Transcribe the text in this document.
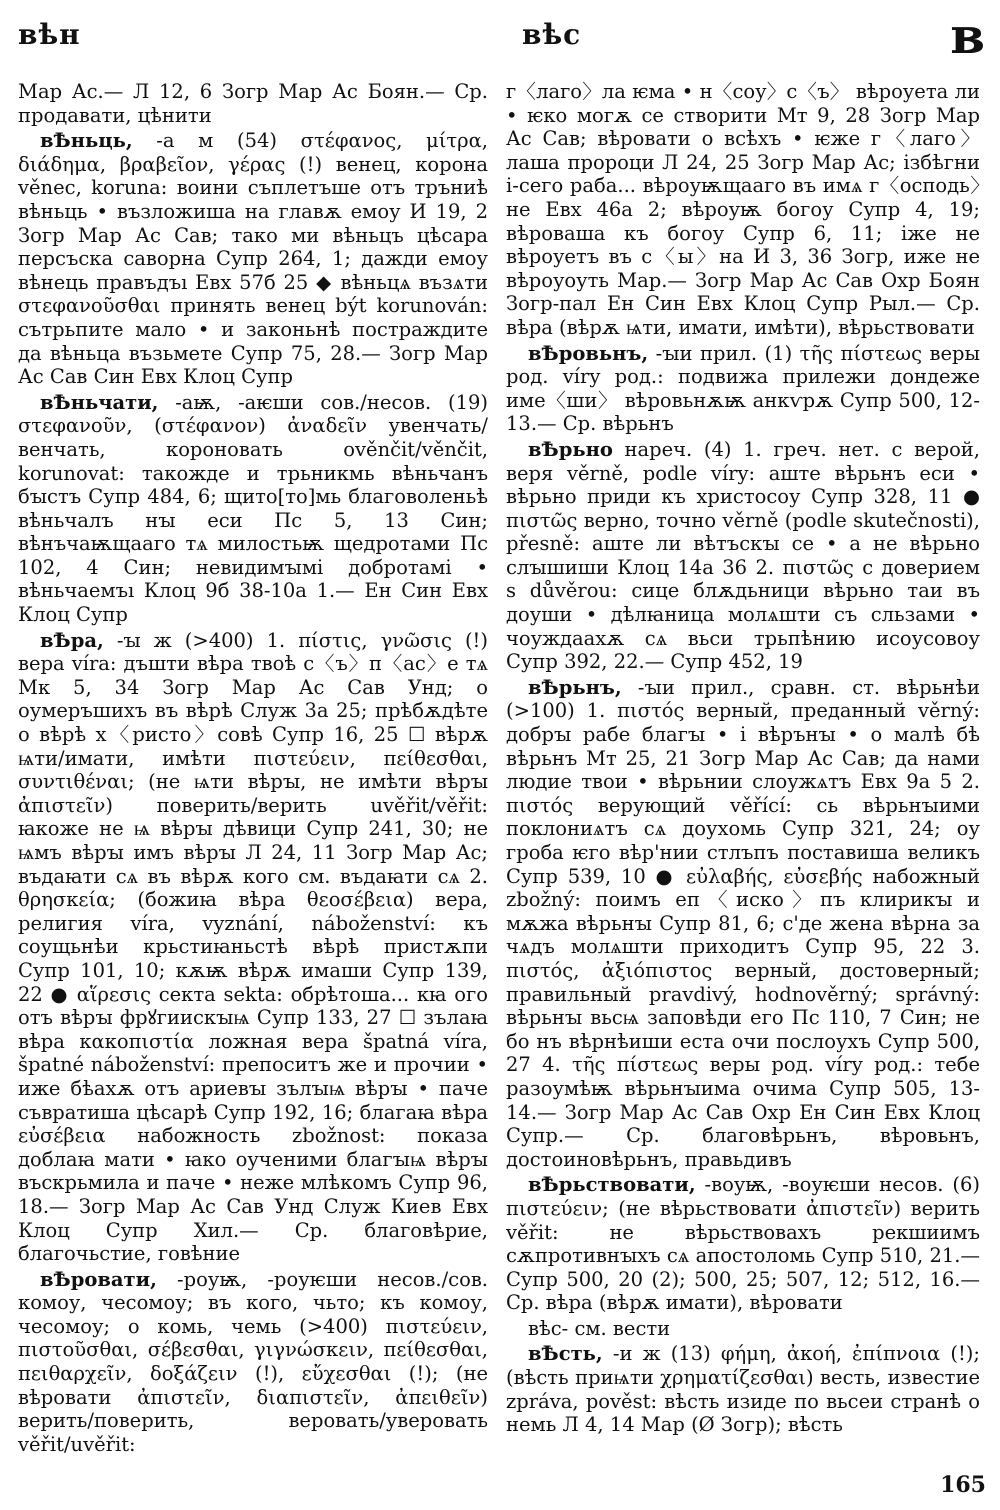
вѣн	вѣс	в

Мар Ас.— Л 12, 6 Зогр Мар Ас Боян.— Ср. продавати, цѣнити

вѢньць, -а м (54) στέφανος, μίτρα, διάδημα, βραβεῖον, γέρας (!) венец, корона věnec, koruna: воини съплетъше отъ тръниѣ вѣньць • възложиша на главѫ емоу И 19, 2 Зогр Мар Ас Сав; тако ми вѣньцъ цѣсара персъска саворна Супр 264, 1; дажди емоу вѣнець правъдъı Евх 57б 25 ◆ вѣньцѧ възѧти στεφανοῦσθαι принять венец být korunován: сътрьпите мало • и законьнѣ постраждите да вѣньца възьмете Супр 75, 28.— Зогр Мар Ас Сав Син Евх Клоц Супр

вѢньчати, -аѭ, -аѥши сов./несов. (19) στεφανοῦν, (στέφανον) ἀναδεῖν увенчать/венчать, короновать ověnčit/věnčit, korunovat: такожде и трьникмь вѣньчанъ бꙑстъ Супр 484, 6; щито[то]мь благоволеньѣ вѣньчалъ нꙑ еси Пс 5, 13 Син; вѣнъчаѭщааго тѧ милостьѭ щедротами Пс 102, 4 Син; невидимꙑмі добротамі • вѣньчаемъı Клоц 9б 38-10а 1.— Ен Син Евх Клоц Супр

вѢра, -ꙑ ж (>400) 1. πίστις, γνῶσις (!) вера víra: дъшти вѣра твоѣ с〈ъ〉п〈ас〉е тѧ Мк 5, 34 Зогр Мар Ас Сав Унд; о оумеръшихъ въ вѣрѣ Служ 3а 25; прѣбѫдѣте о вѣрѣ х〈ристо〉совѣ Супр 16, 25 ☐ вѣрѫ ѩти/имати, имѣти πιστεύειν, πείθεσθαι, συντιθέναι; (не ѩти вѣрꙑ, не имѣти вѣрꙑ ἀπιστεῖν) поверить/верить uvěřit/věřit: ꙗкоже не ѩ вѣрꙑ дѣвици Супр 241, 30; не ѩмъ вѣрꙑ имъ вѣрꙑ Л 24, 11 Зогр Мар Ас; въдаꙗти сѧ въ вѣрѫ кого см. въдаꙗти сѧ 2. θρησκεία; (божиꙗ вѣра θεοσέβεια) вера, религия víra, vyznání, náboženství: къ соущьнѣи крьстиꙗньстѣ вѣрѣ пристѫпи Супр 101, 10; кѫѭ вѣрѫ имаши Супр 139, 22 ● αἵρεσις секта sekta: обрѣтоша... кꙗ ого отъ вѣрꙑ фрꙋгиискꙑѩ Супр 133, 27 ☐ зълаꙗ вѣра κακοπιστία ложная вера špatná víra, špatné náboženství: препоситъ же и прочии • иже бѣахѫ отъ ариевꙑ зълꙑѩ вѣрꙑ • паче съвратиша цѣсарѣ Супр 192, 16; благаꙗ вѣра εὐσέβεια набожность zbožnost: показа доблаꙗ мати • ꙗко оученими благꙑѩ вѣрꙑ въскрьмила и паче • неже млѣкомъ Супр 96, 18.— Зогр Мар Ас Сав Унд Служ Киев Евх Клоц Супр Хил.— Ср. благовѣрие, благочьстие, говѣние

вѢровати, -роуѭ, -роуѥши несов./сов. комоу, чесомоу; въ кого, чьто; къ комоу, чесомоу; о комь, чемь (>400) πιστεύειν, πιστοῦσθαι, σέβεσθαι, γιγνώσκειν, πείθεσθαι, πειθαρχεῖν, δοξάζειν (!), εὔχεσθαι (!); (не вѣровати ἀπιστεῖν, διαπιστεῖν, ἀπειθεῖν) верить/поверить, веровать/уверовать věřit/uvěřit:

г〈лаго〉ла ѥма • н〈соу〉с〈ъ〉 вѣроуета ли • ѥко могѫ се створити Мт 9, 28 Зогр Мар Ас Сав; вѣровати о всѣхъ • ѥже г〈лаго〉лаша пророци Л 24, 25 Зогр Мар Ас; ізбѣгни і-сего раба... вѣроуѭщааго въ имѧ г〈осподь〉не Евх 46а 2; вѣроуѭ богоу Супр 4, 19; вѣроваша къ богоу Супр 6, 11; іже не вѣроуетъ въ с〈ы〉на И 3, 36 Зогр, иже не вѣроуоуть Мар.— Зогр Мар Ас Сав Охр Боян Зогр-пал Ен Син Евх Клоц Супр Рыл.— Ср. вѣра (вѣрѫ ѩти, имати, имѣти), вѣрьствовати

вѢровьнъ, -ꙑи прил. (1) τῆς πίστεως веры род. víry род.: подвижа прилежи дондеже име〈ши〉 вѣровьнѫѭ анкѵрѫ Супр 500, 12-13.— Ср. вѣрьнъ

вѢрьно нареч. (4) 1. греч. нет. с верой, веря věrně, podle víry: аште вѣрьнъ еси • вѣрьно приди къ христосоу Супр 328, 11 ● πιστῶς верно, точно věrně (podle skutečnosti), přesně: аште ли вѣтъскꙑ се • а не вѣрьно слꙑшиши Клоц 14а 36 2. πιστῶς с доверием s důvěrou: сице блѫдьници вѣрьно таи въ доуши • дѣлꙗница молѧшти съ сльзами • чоуждаахѫ сѧ вьси трьпѣнию исоусовоу Супр 392, 22.— Супр 452, 19

вѢрьнъ, -ꙑи прил., сравн. ст. вѣрьнѣи (>100) 1. πιστός верный, преданный věrný: добрꙑ рабе благꙑ • і вѣрънꙑ • о малѣ бѣ вѣрьнъ Мт 25, 21 Зогр Мар Ас Сав; да нами людие твои • вѣрьнии слоужѧтъ Евх 9а 5 2. πιστός верующий věřící: сь вѣрьнꙑими поклониѧтъ сѧ доуxомь Супр 321, 24; оу гроба ѥго вѣр'нии стлъпъ поставиша великъ Супр 539, 10 ● εὐλαβής, εὐσεβής набожный zbožný: поимъ еп〈иско〉пъ клирикꙑ и мѫжа вѣрьнꙑ Супр 81, 6; с'де жена вѣрна за чѧдъ молѧшти приходитъ Супр 95, 22 3. πιστός, ἀξιόπιστος верный, достоверный; правильный pravdivý, hodnověrný; správný: вѣрьнꙑ вьсѩ заповѣди его Пс 110, 7 Син; не бо нъ вѣрнѣиши еста очи послоухъ Супр 500, 27 4. τῆς πίστεως веры род. víry род.: тебе разоумѣѭ вѣрьнꙑима очима Супр 505, 13-14.— Зогр Мар Ас Сав Охр Ен Син Евх Клоц Супр.— Ср. благовѣрьнъ, вѣровьнъ, достоиновѣрьнъ, правьдивъ

вѢрьствовати, -воуѭ, -воуѥши несов. (6) πιστεύειν; (не вѣрьствовати ἀπιστεῖν) верить věřit: не вѣрьствовахъ рекшиимъ сѫпротивнꙑхъ сѧ апостоломь Супр 510, 21.— Супр 500, 20 (2); 500, 25; 507, 12; 512, 16.— Ср. вѣра (вѣрѫ имати), вѣровати

вѣс- см. вести

вѢсть, -и ж (13) φήμη, ἀκοή, ἐπίπνοια (!); (вѣсть приѩти χρηματίζεσθαι) весть, известие zpráva, pověst: вѣсть изиде по вьсеи странѣ о немь Л 4, 14 Мар (Ø Зогр); вѣсть

165
